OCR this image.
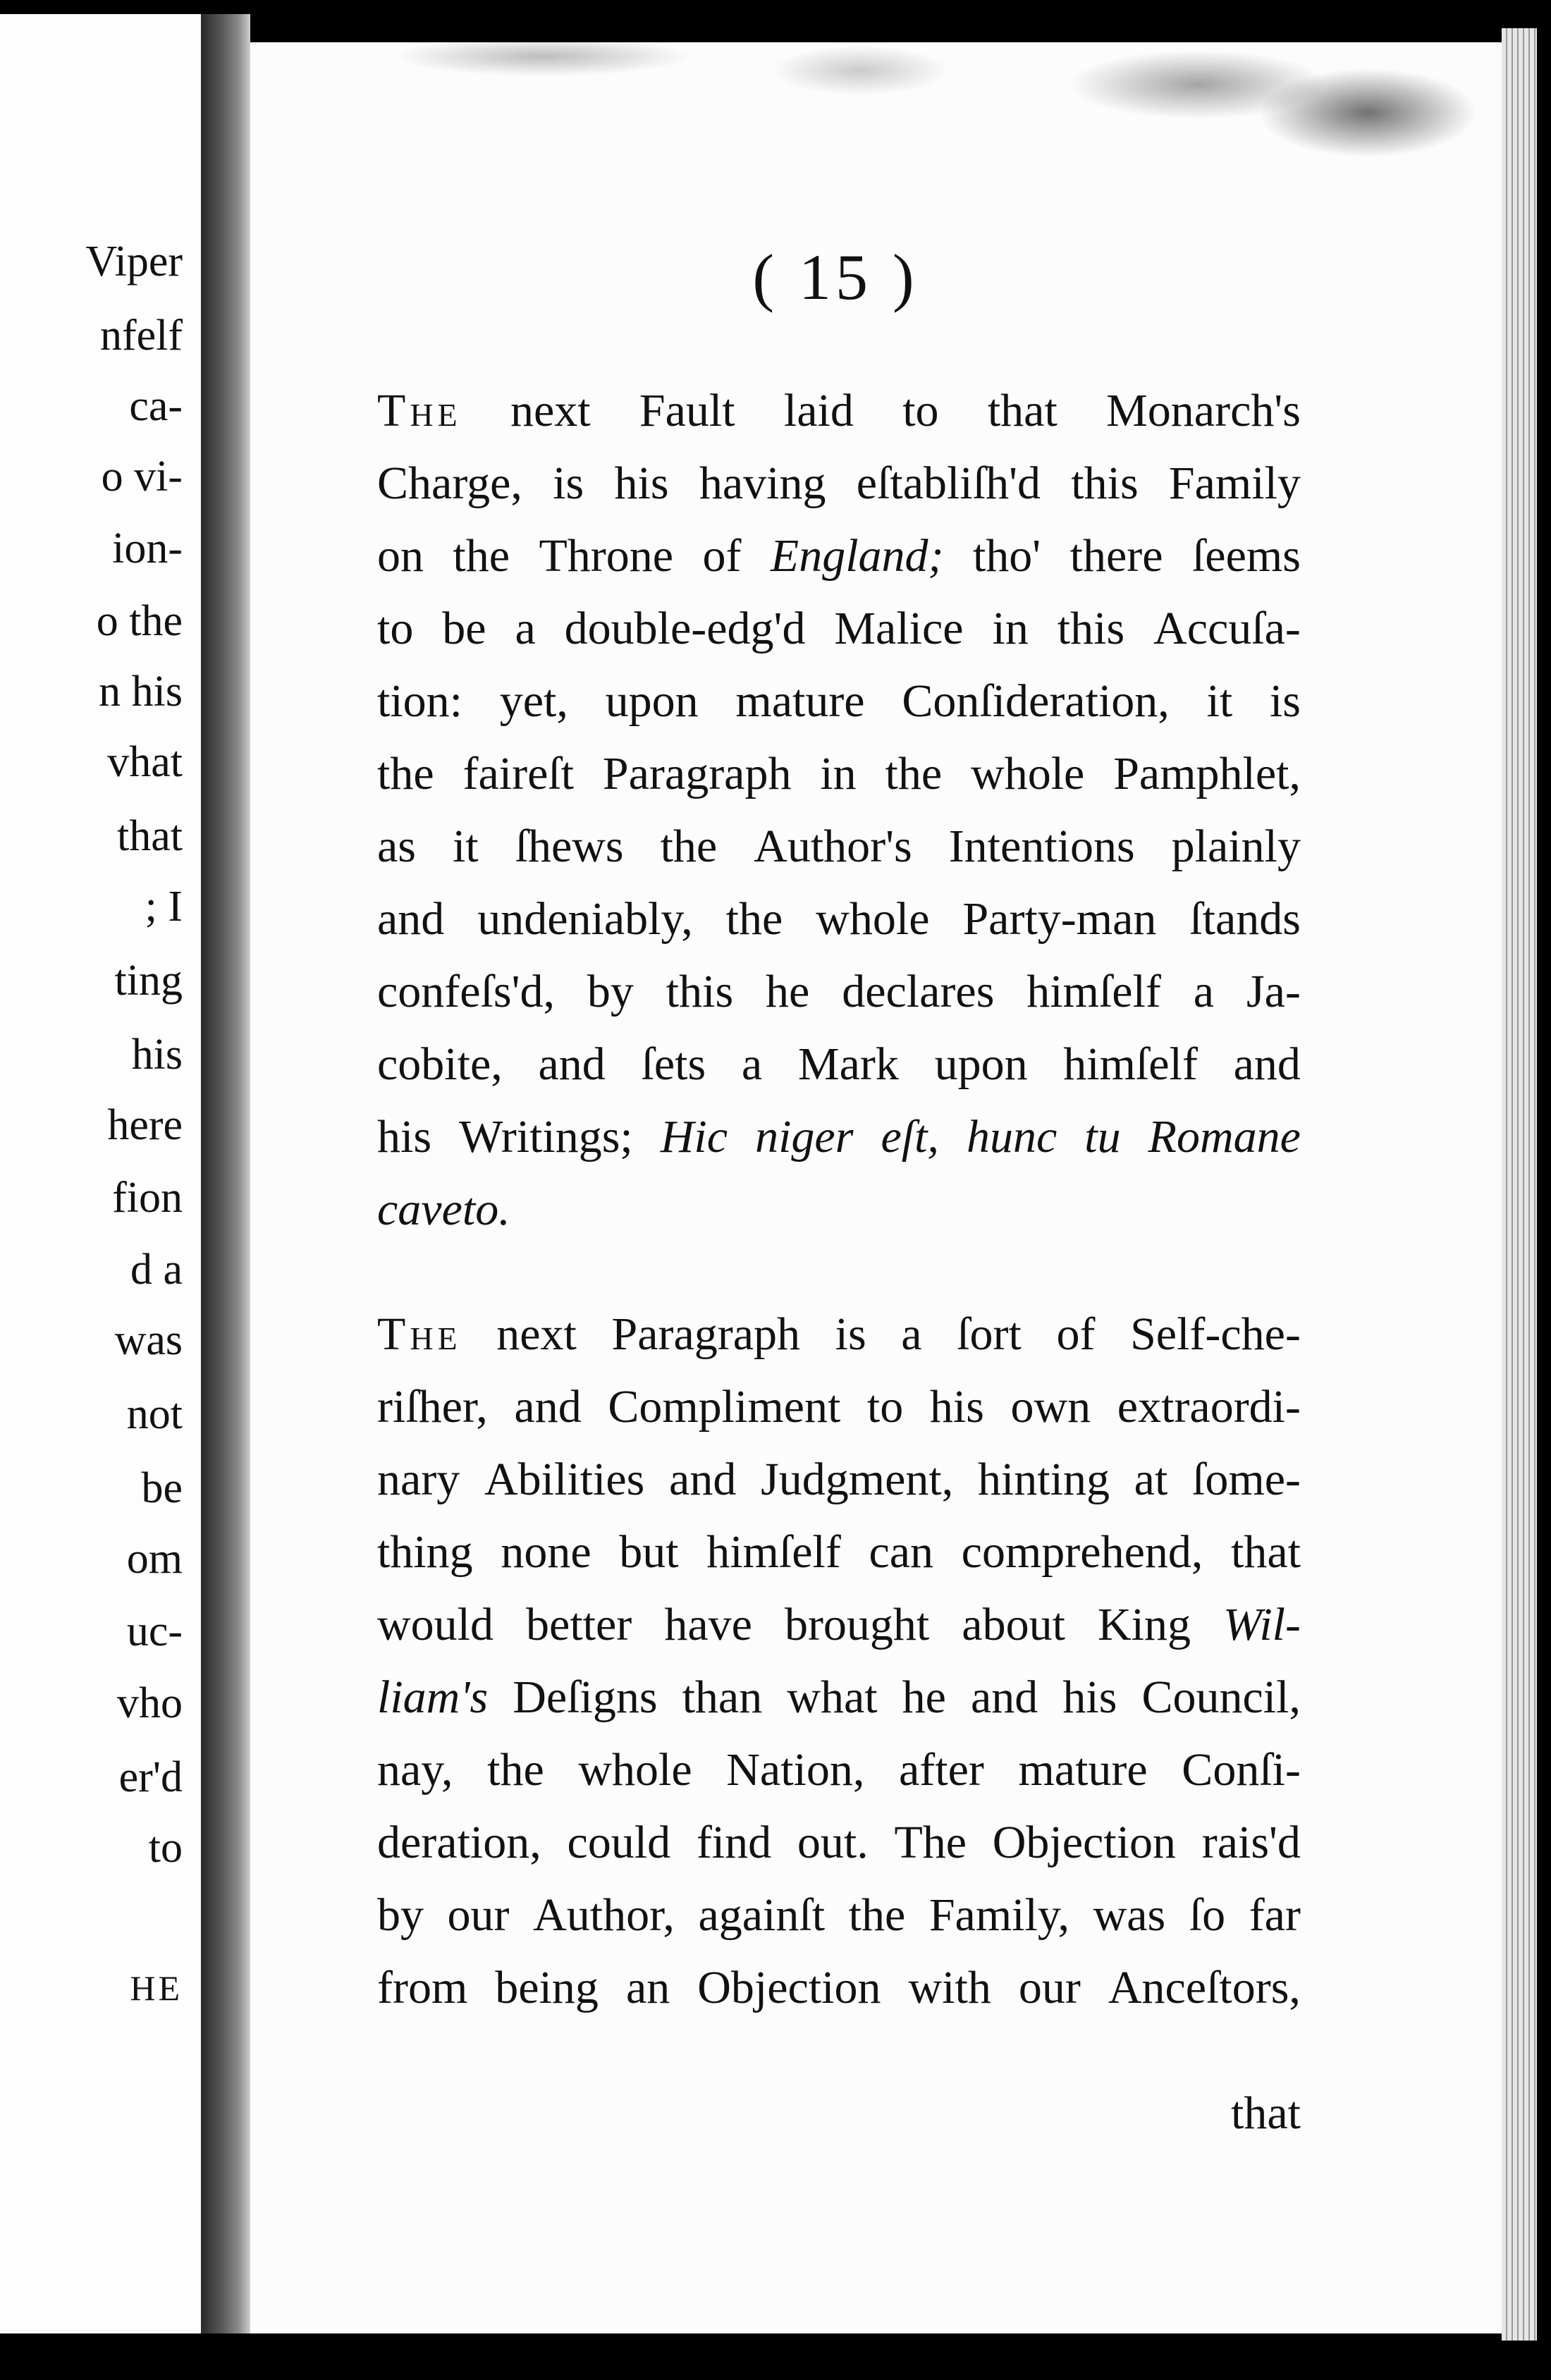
Viper
nfelf
ca-
o vi-
ion-
o the
n his
vhat
that
; I
ting
his
here
fion
d a
was
not
be
om
uc-
vho
er'd
to
HE
( 15 )
The next Fault laid to that Monarch's
Charge, is his having eſtabliſh'd this Family
on the Throne of England; tho' there ſeems
to be a double-edg'd Malice in this Accuſa-
tion: yet, upon mature Conſideration, it is
the faireſt Paragraph in the whole Pamphlet,
as it ſhews the Author's Intentions plainly
and undeniably, the whole Party-man ſtands
confeſs'd, by this he declares himſelf a Ja-
cobite, and ſets a Mark upon himſelf and
his Writings; Hic niger eſt, hunc tu Romane
caveto.
The next Paragraph is a ſort of Self-che-
riſher, and Compliment to his own extraordi-
nary Abilities and Judgment, hinting at ſome-
thing none but himſelf can comprehend, that
would better have brought about King Wil-
liam's Deſigns than what he and his Council,
nay, the whole Nation, after mature Conſi-
deration, could find out. The Objection rais'd
by our Author, againſt the Family, was ſo far
from being an Objection with our Anceſtors,
that
